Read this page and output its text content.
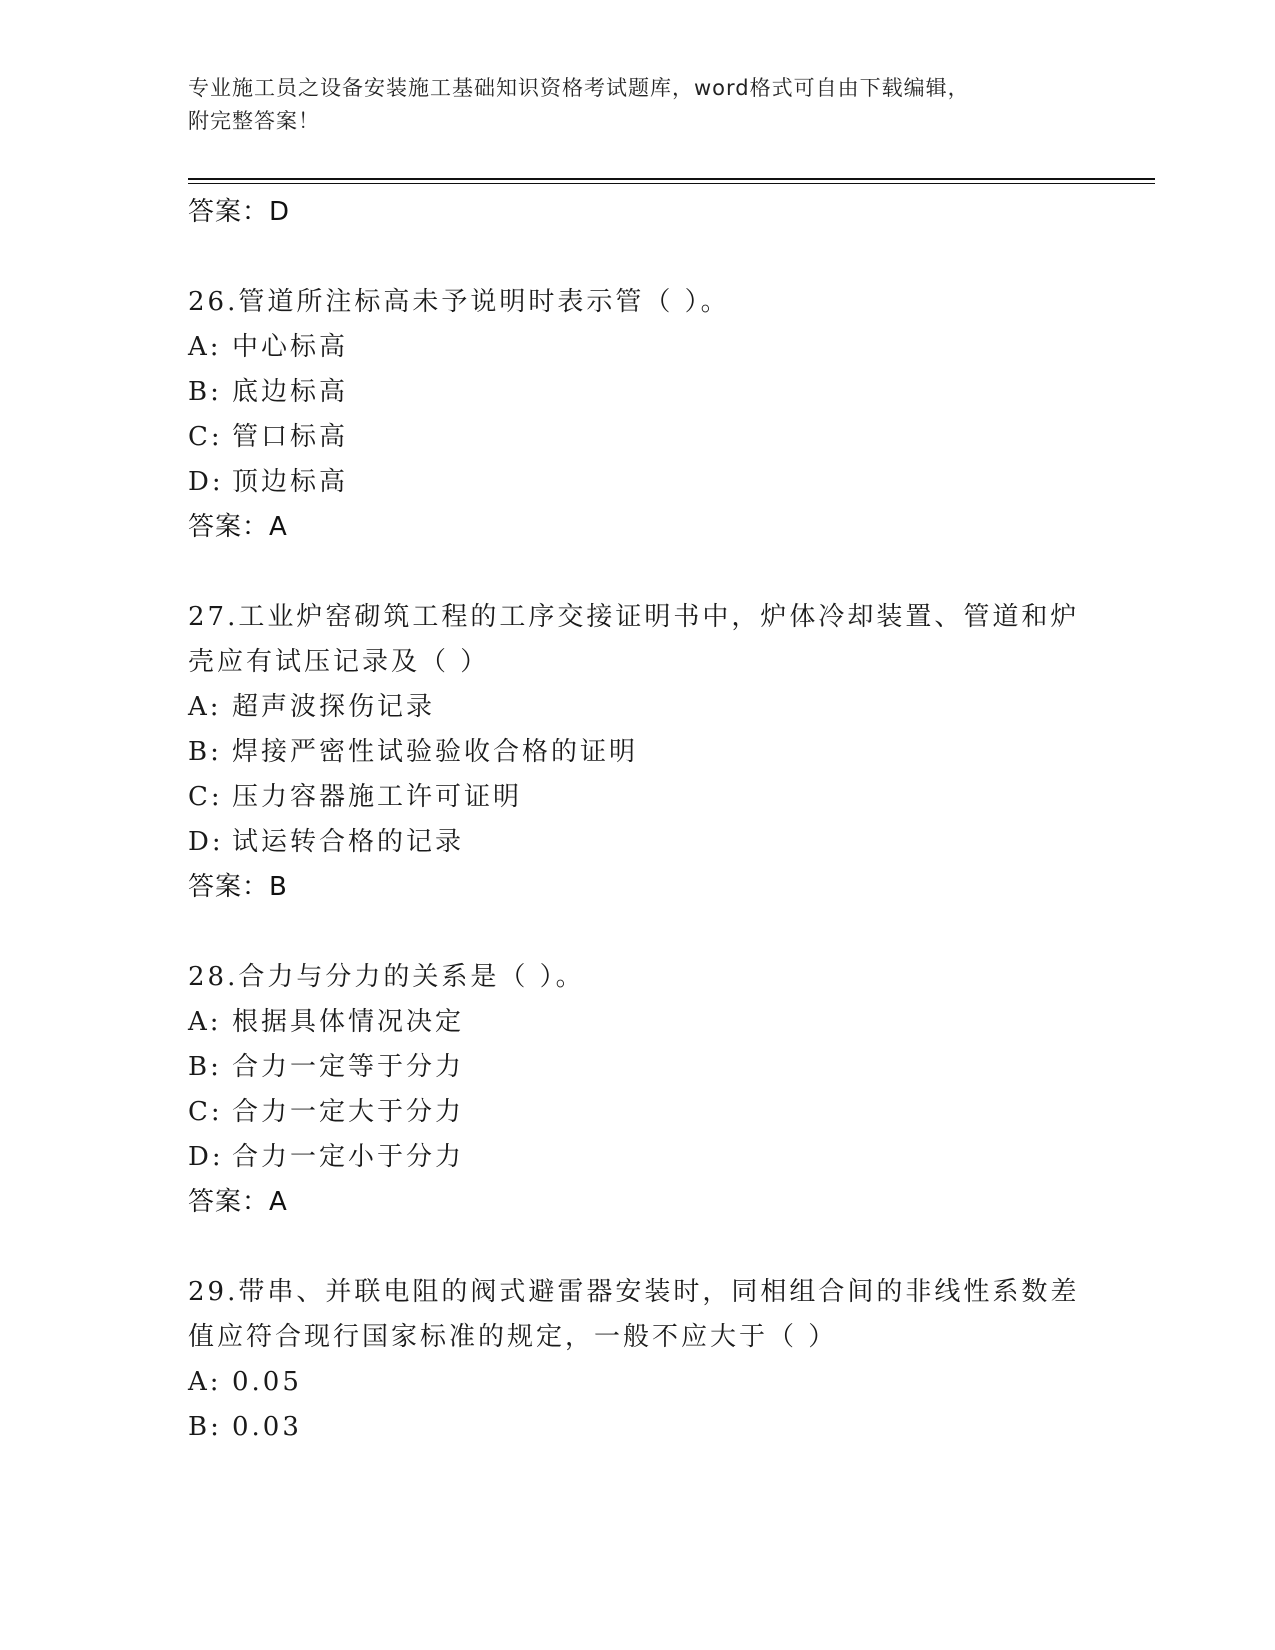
专业施工员之设备安装施工基础知识资格考试题库，word格式可自由下载编辑，
附完整答案！
答案：D
26.管道所注标高未予说明时表示管（ ）。
A: 中心标高
B: 底边标高
C: 管口标高
D: 顶边标高
答案：A
27.工业炉窑砌筑工程的工序交接证明书中，炉体冷却装置、管道和炉壳应有试压记录及（ ）
A: 超声波探伤记录
B: 焊接严密性试验验收合格的证明
C: 压力容器施工许可证明
D: 试运转合格的记录
答案：B
28.合力与分力的关系是（ ）。
A: 根据具体情况决定
B: 合力一定等于分力
C: 合力一定大于分力
D: 合力一定小于分力
答案：A
29.带串、并联电阻的阀式避雷器安装时，同相组合间的非线性系数差值应符合现行国家标准的规定，一般不应大于（ ）
A: 0.05
B: 0.03
